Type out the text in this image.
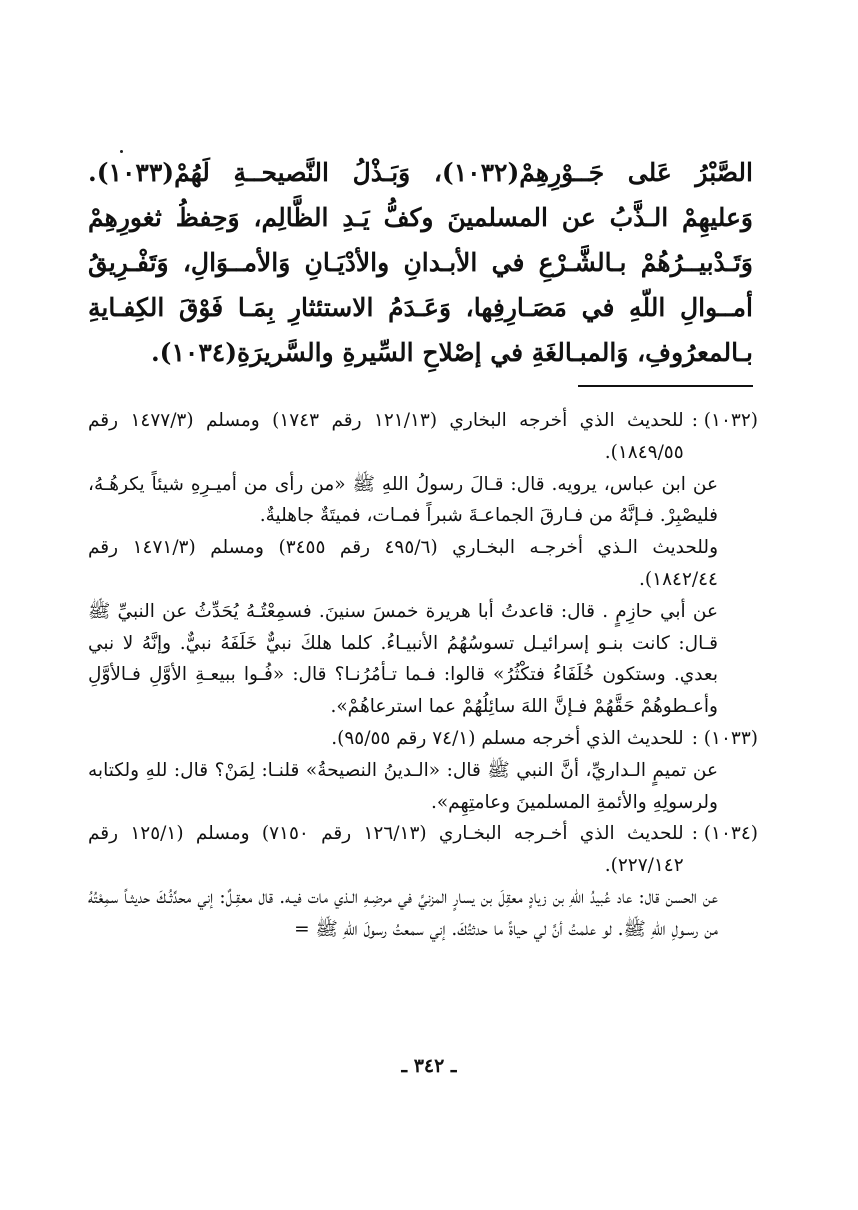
الصَّبْرُ عَلى جَــوْرِهِمْ(١٠٣٢)، وَبَـذْلُ النَّصيحــةِ لَهُمْ(١٠٣٣). وَعليهِمْ الـذَّبُ عن المسلمينَ وكفُّ يَـدِ الظَّالِم، وَحِفظُ ثغورِهِمْ وَتَـدْبيــرُهُمْ بـالشَّـرْعِ في الأبـدانِ والأدْيَـانِ وَالأمــوَالِ، وَتَفْـرِيقُ أمــوالِ اللّهِ في مَصَـارِفِها، وَعَـدَمُ الاستئثارِ بِمَـا فَوْقَ الكِفـايةِ بـالمعرُوفِ، وَالمبـالغَةِ في إصْلاحِ السِّيرةِ والسَّريرَةِ(١٠٣٤).

(١٠٣٢) :
للحديث الذي أخرجه البخاري (١٢١/١٣ رقم ١٧٤٣) ومسلم (١٤٧٧/٣ رقم ١٨٤٩/٥٥).

عن ابن عباس، يرويه. قال: قـالَ رسولُ اللهِ ﷺ «من رأى من أميـرِهِ شيئاً يكرهُـهُ، فليصْبِرْ. فـإنَّهُ من فـارقَ الجماعـةَ شبراً فمـات، فميتَةٌ جاهليةٌ.

وللحديث الـذي أخرجـه البخـاري (٤٩٥/٦ رقم ٣٤٥٥) ومسلم (١٤٧١/٣ رقم ١٨٤٢/٤٤).

عن أبي حازِمٍ . قال: قاعدتُ أبا هريرة خمسَ سنينَ. فسمِعْتُـهُ يُحَدِّثُ عن النبيِّ ﷺ قـال: كانت بنـو إسرائيـل تسوسُهُمُ الأنبيـاءُ. كلما هلكَ نبيٌّ خَلَفَهُ نبيٌّ. وإنَّهُ لا نبي بعدي. وستكون خُلَفَاءُ فتكْثُرُ» قالوا: فـما تـأمُرُنـا؟ قال: «فُـوا ببيعـةِ الأوَّلِ فـالأوَّلِ وأعـطوهُمْ حَقَّهُمْ فـإنَّ اللهَ سائِلُهُمْ عما استرعاهُمْ».

(١٠٣٣) :
للحديث الذي أخرجه مسلم (٧٤/١ رقم ٩٥/٥٥).

عن تميمٍ الـداريِّ، أنَّ النبي ﷺ قال: «الـدينُ النصيحةُ» قلنـا: لِمَنْ؟ قال: للهِ ولكتابه ولرسولِهِ والأئمةِ المسلمينَ وعامتِهِم».

(١٠٣٤) :
للحديث الذي أخـرجه البخـاري (١٢٦/١٣ رقم ٧١٥٠) ومسلم (١٢٥/١ رقم ٢٢٧/١٤٢).

عن الحسن قال: عاد عُبيدُ اللهِ بن زيادٍ معقِلَ بن يسارٍ المزنيَّ في مرضِـهِ الـذي مات فيـه. قال معقِـلٌ: إني محدِّثُـكَ حديثـاً سمِعْتُهُ من رسـولِ اللهِ ﷺ. لو علمتُ أنَّ لي حياةً ما حدثتُكَ. إني سمعتُ رسولَ اللهِ ﷺ =

ـ ٣٤٢ ـ
